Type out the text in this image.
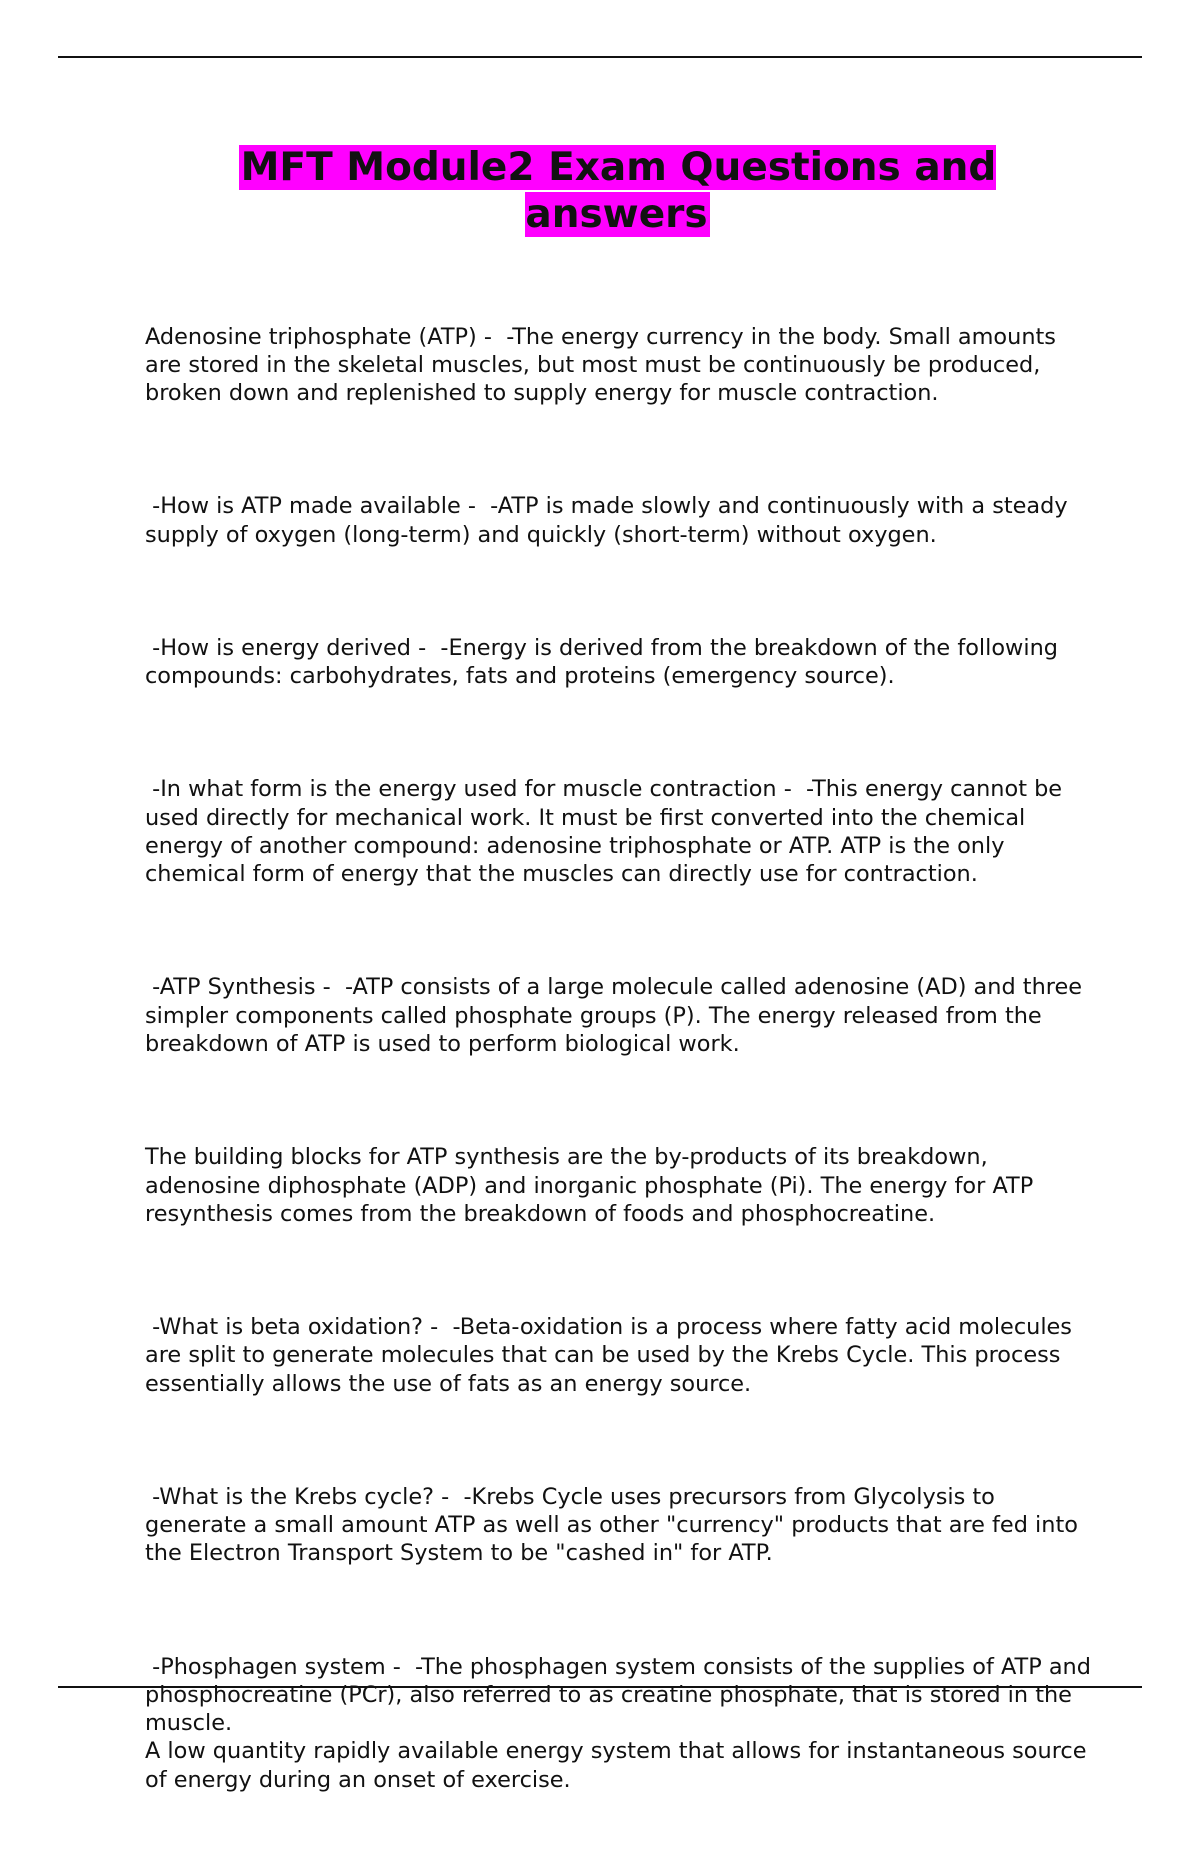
MFT Module2 Exam Questions and answers

Adenosine triphosphate (ATP) -  -The energy currency in the body. Small amounts are stored in the skeletal muscles, but most must be continuously be produced, broken down and replenished to supply energy for muscle contraction.

-How is ATP made available -  -ATP is made slowly and continuously with a steady supply of oxygen (long-term) and quickly (short-term) without oxygen.

-How is energy derived -  -Energy is derived from the breakdown of the following compounds: carbohydrates, fats and proteins (emergency source).

-In what form is the energy used for muscle contraction -  -This energy cannot be used directly for mechanical work. It must be first converted into the chemical energy of another compound: adenosine triphosphate or ATP. ATP is the only chemical form of energy that the muscles can directly use for contraction.

-ATP Synthesis -  -ATP consists of a large molecule called adenosine (AD) and three simpler components called phosphate groups (P). The energy released from the breakdown of ATP is used to perform biological work.

The building blocks for ATP synthesis are the by-products of its breakdown, adenosine diphosphate (ADP) and inorganic phosphate (Pi). The energy for ATP resynthesis comes from the breakdown of foods and phosphocreatine.

-What is beta oxidation? -  -Beta-oxidation is a process where fatty acid molecules are split to generate molecules that can be used by the Krebs Cycle. This process essentially allows the use of fats as an energy source.

-What is the Krebs cycle? -  -Krebs Cycle uses precursors from Glycolysis to generate a small amount ATP as well as other "currency" products that are fed into the Electron Transport System to be "cashed in" for ATP.

-Phosphagen system -  -The phosphagen system consists of the supplies of ATP and phosphocreatine (PCr), also referred to as creatine phosphate, that is stored in the muscle.
A low quantity rapidly available energy system that allows for instantaneous source of energy during an onset of exercise.
